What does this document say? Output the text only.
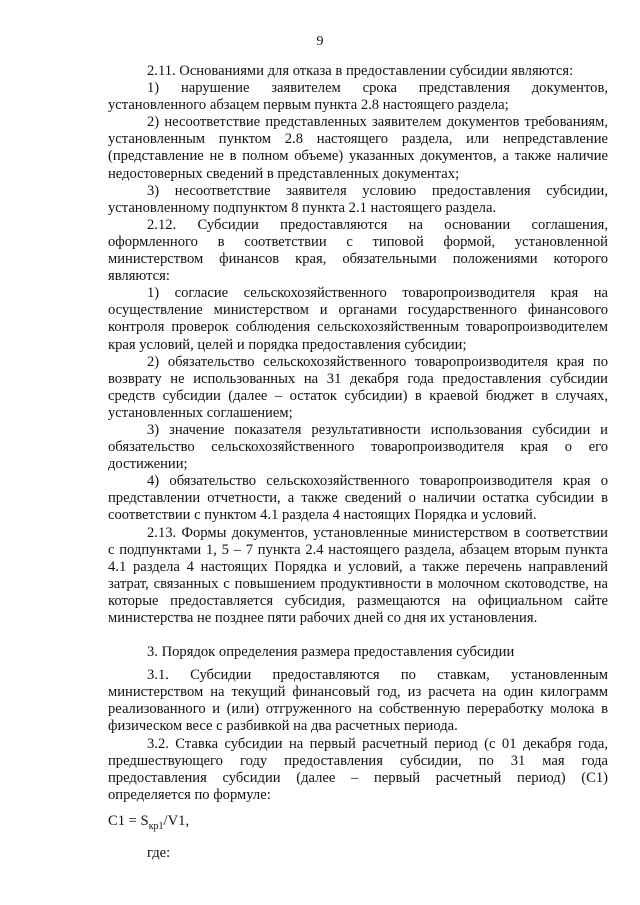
9

2.11. Основаниями для отказа в предоставлении субсидии являются:

1) нарушение заявителем срока представления документов, установленного абзацем первым пункта 2.8 настоящего раздела;

2) несоответствие представленных заявителем документов требованиям, установленным пунктом 2.8 настоящего раздела, или непредставление (представление не в полном объеме) указанных документов, а также наличие недостоверных сведений в представленных документах;

3) несоответствие заявителя условию предоставления субсидии, установленному подпунктом 8 пункта 2.1 настоящего раздела.

2.12. Субсидии предоставляются на основании соглашения, оформленного в соответствии с типовой формой, установленной министерством финансов края, обязательными положениями которого являются:

1) согласие сельскохозяйственного товаропроизводителя края на осуществление министерством и органами государственного финансового контроля проверок соблюдения сельскохозяйственным товаропроизводителем края условий, целей и порядка предоставления субсидии;

2) обязательство сельскохозяйственного товаропроизводителя края по возврату не использованных на 31 декабря года предоставления субсидии средств субсидии (далее – остаток субсидии) в краевой бюджет в случаях, установленных соглашением;

3) значение показателя результативности использования субсидии и обязательство сельскохозяйственного товаропроизводителя края о его достижении;

4) обязательство сельскохозяйственного товаропроизводителя края о представлении отчетности, а также сведений о наличии остатка субсидии в соответствии с пунктом 4.1 раздела 4 настоящих Порядка и условий.

2.13. Формы документов, установленные министерством в соответствии с подпунктами 1, 5 – 7 пункта 2.4 настоящего раздела, абзацем вторым пункта 4.1 раздела 4 настоящих Порядка и условий, а также перечень направлений затрат, связанных с повышением продуктивности в молочном скотоводстве, на которые предоставляется субсидия, размещаются на официальном сайте министерства не позднее пяти рабочих дней со дня их установления.

3. Порядок определения размера предоставления субсидии

3.1. Субсидии предоставляются по ставкам, установленным министерством на текущий финансовый год, из расчета на один килограмм реализованного и (или) отгруженного на собственную переработку молока в физическом весе с разбивкой на два расчетных периода.

3.2. Ставка субсидии на первый расчетный период (с 01 декабря года, предшествующего году предоставления субсидии, по 31 мая года предоставления субсидии (далее – первый расчетный период) (С1) определяется по формуле:

$С1 = S_{кр1}/V1$,

где:
